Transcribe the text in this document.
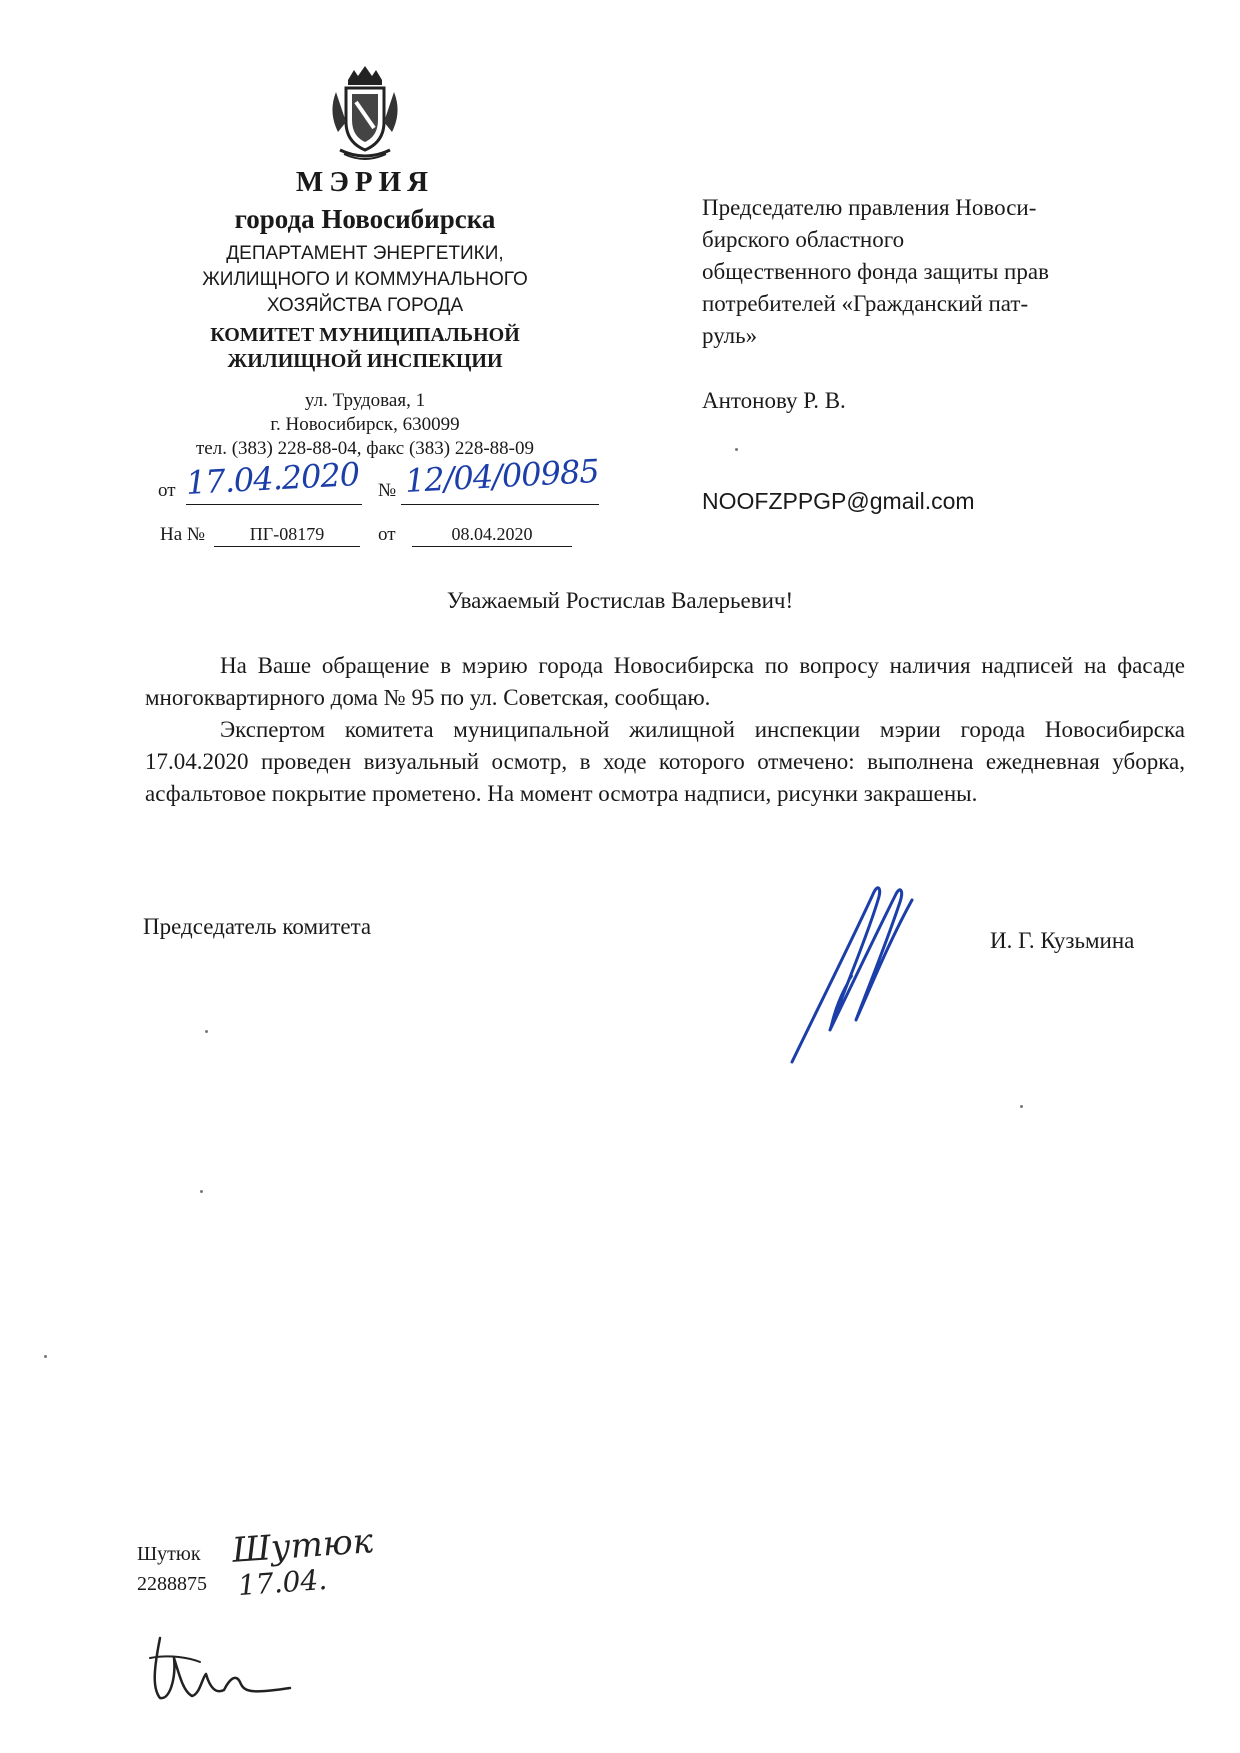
МЭРИЯ
города Новосибирска
ДЕПАРТАМЕНТ ЭНЕРГЕТИКИ,
ЖИЛИЩНОГО И КОММУНАЛЬНОГО
ХОЗЯЙСТВА ГОРОДА
КОМИТЕТ МУНИЦИПАЛЬНОЙ
ЖИЛИЩНОЙ ИНСПЕКЦИИ
ул. Трудовая, 1
г. Новосибирск, 630099
тел. (383) 228-88-04, факс (383) 228-88-09
от 17.04.2020 № 12/04/00985
На №	ПГ-08179	от	08.04.2020
Председателю правления Новоси-
бирского областного
общественного фонда защиты прав
потребителей «Гражданский пат-
руль»
Антонову Р. В.
NOOFZPPGP@gmail.com
Уважаемый Ростислав Валерьевич!
На Ваше обращение в мэрию города Новосибирска по вопросу наличия надписей на фасаде многоквартирного дома № 95 по ул. Советская, сообщаю.
Экспертом комитета муниципальной жилищной инспекции мэрии города Новосибирска 17.04.2020 проведен визуальный осмотр, в ходе которого отмечено: выполнена ежедневная уборка, асфальтовое покрытие прометено. На момент осмотра надписи, рисунки закрашены.
Председатель комитета
И. Г. Кузьмина
Шутюк
2288875
Шутюк
17.04.
